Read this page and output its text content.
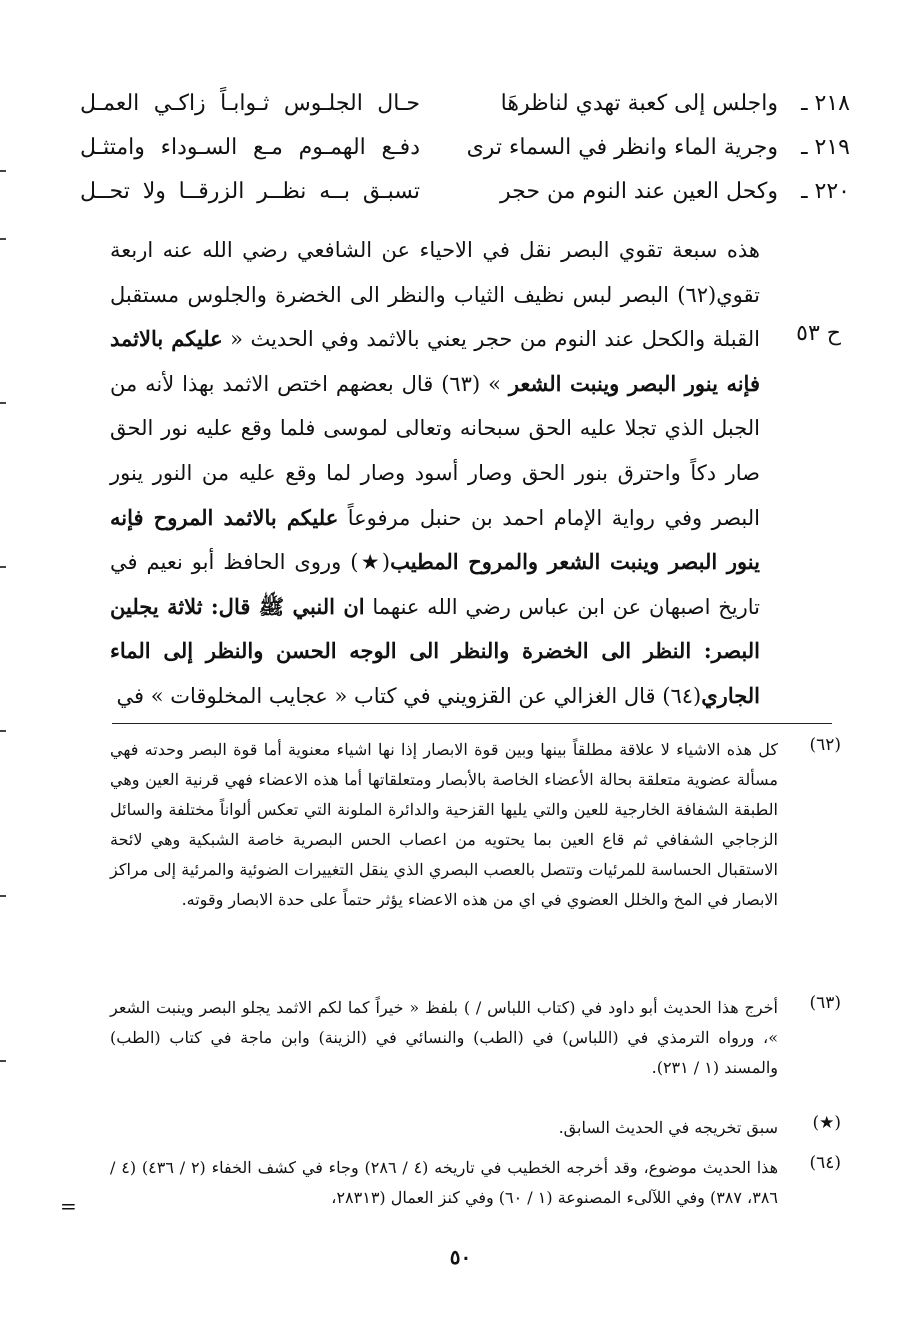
٢١٨ ـ
واجلس إلى كعبة تهدي لناظرهَا
حـال الجلـوس ثـوابـاً زاكـي العمـل
٢١٩ ـ
وجرية الماء وانظر في السماء ترى
دفـع الهمـوم مـع السـوداء وامتثـل
٢٢٠ ـ
وكحل العين عند النوم من حجر
تسبـق بــه نظــر الزرقــا ولا تحــل
ح ٥٣
هذه سبعة تقوي البصر نقل في الاحياء عن الشافعي رضي الله عنه اربعة تقوي(٦٢) البصر لبس نظيف الثياب والنظر الى الخضرة والجلوس مستقبل القبلة والكحل عند النوم من حجر يعني بالاثمد وفي الحديث « عليكم بالاثمد فإنه ينور البصر وينبت الشعر » (٦٣) قال بعضهم اختص الاثمد بهذا لأنه من الجبل الذي تجلا عليه الحق سبحانه وتعالى لموسى فلما وقع عليه نور الحق صار دكاً واحترق بنور الحق وصار أسود وصار لما وقع عليه من النور ينور البصر وفي رواية الإمام احمد بن حنبل مرفوعاً عليكم بالاثمد المروح فإنه ينور البصر وينبت الشعر والمروح المطيب(★) وروى الحافظ أبو نعيم في تاريخ اصبهان عن ابن عباس رضي الله عنهما ان النبي ﷺ قال: ثلاثة يجلين البصر: النظر الى الخضرة والنظر الى الوجه الحسن والنظر إلى الماء الجاري(٦٤) قال الغزالي عن القزويني في كتاب « عجايب المخلوقات » في
(٦٢)
كل هذه الاشياء لا علاقة مطلقاً بينها وبين قوة الابصار إذا نها اشياء معنوية أما قوة البصر وحدته فهي مسألة عضوية متعلقة بحالة الأعضاء الخاصة بالأبصار ومتعلقاتها أما هذه الاعضاء فهي قرنية العين وهي الطبقة الشفافة الخارجية للعين والتي يليها القزحية والدائرة الملونة التي تعكس ألواناً مختلفة والسائل الزجاجي الشفافي ثم قاع العين بما يحتويه من اعصاب الحس البصرية خاصة الشبكية وهي لائحة الاستقبال الحساسة للمرئيات وتتصل بالعصب البصري الذي ينقل التغييرات الضوئية والمرئية إلى مراكز الابصار في المخ والخلل العضوي في اي من هذه الاعضاء يؤثر حتماً على حدة الابصار وقوته.
(٦٣)
أخرج هذا الحديث أبو داود في (كتاب اللباس / ) بلفظ « خيراً كما لكم الاثمد يجلو البصر وينبت الشعر »، ورواه الترمذي في (اللباس) في (الطب) والنسائي في (الزينة) وابن ماجة في كتاب (الطب) والمسند (١ / ٢٣١).
(★)
سبق تخريجه في الحديث السابق.
(٦٤)
هذا الحديث موضوع، وقد أخرجه الخطيب في تاريخه (٤ / ٢٨٦) وجاء في كشف الخفاء (٢ / ٤٣٦) (٤ / ٣٨٦، ٣٨٧) وفي اللآلىء المصنوعة (١ / ٦٠) وفي كنز العمال (٢٨٣١٣،
=
٥٠
